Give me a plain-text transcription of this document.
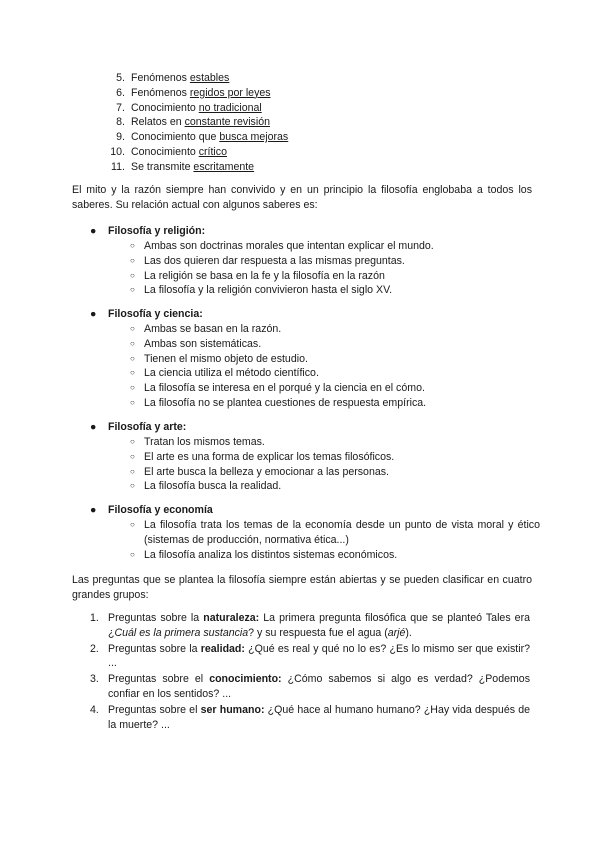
5. Fenómenos estables
6. Fenómenos regidos por leyes
7. Conocimiento no tradicional
8. Relatos en constante revisión
9. Conocimiento que busca mejoras
10. Conocimiento crítico
11. Se transmite escritamente

El mito y la razón siempre han convivido y en un principio la filosofía englobaba a todos los saberes. Su relación actual con algunos saberes es:

● Filosofía y religión:
○ Ambas son doctrinas morales que intentan explicar el mundo.
○ Las dos quieren dar respuesta a las mismas preguntas.
○ La religión se basa en la fe y la filosofía en la razón
○ La filosofía y la religión convivieron hasta el siglo XV.
● Filosofía y ciencia:
○ Ambas se basan en la razón.
○ Ambas son sistemáticas.
○ Tienen el mismo objeto de estudio.
○ La ciencia utiliza el método científico.
○ La filosofía se interesa en el porqué y la ciencia en el cómo.
○ La filosofía no se plantea cuestiones de respuesta empírica.
● Filosofía y arte:
○ Tratan los mismos temas.
○ El arte es una forma de explicar los temas filosóficos.
○ El arte busca la belleza y emocionar a las personas.
○ La filosofía busca la realidad.
● Filosofía y economía
○ La filosofía trata los temas de la economía desde un punto de vista moral y ético (sistemas de producción, normativa ética...)
○ La filosofía analiza los distintos sistemas económicos.

Las preguntas que se plantea la filosofía siempre están abiertas y se pueden clasificar en cuatro grandes grupos:

1. Preguntas sobre la naturaleza: La primera pregunta filosófica que se planteó Tales era ¿Cuál es la primera sustancia? y su respuesta fue el agua (arjé).
2. Preguntas sobre la realidad: ¿Qué es real y qué no lo es? ¿Es lo mismo ser que existir? ...
3. Preguntas sobre el conocimiento: ¿Cómo sabemos si algo es verdad? ¿Podemos confiar en los sentidos? ...
4. Preguntas sobre el ser humano: ¿Qué hace al humano humano? ¿Hay vida después de la muerte? ...
